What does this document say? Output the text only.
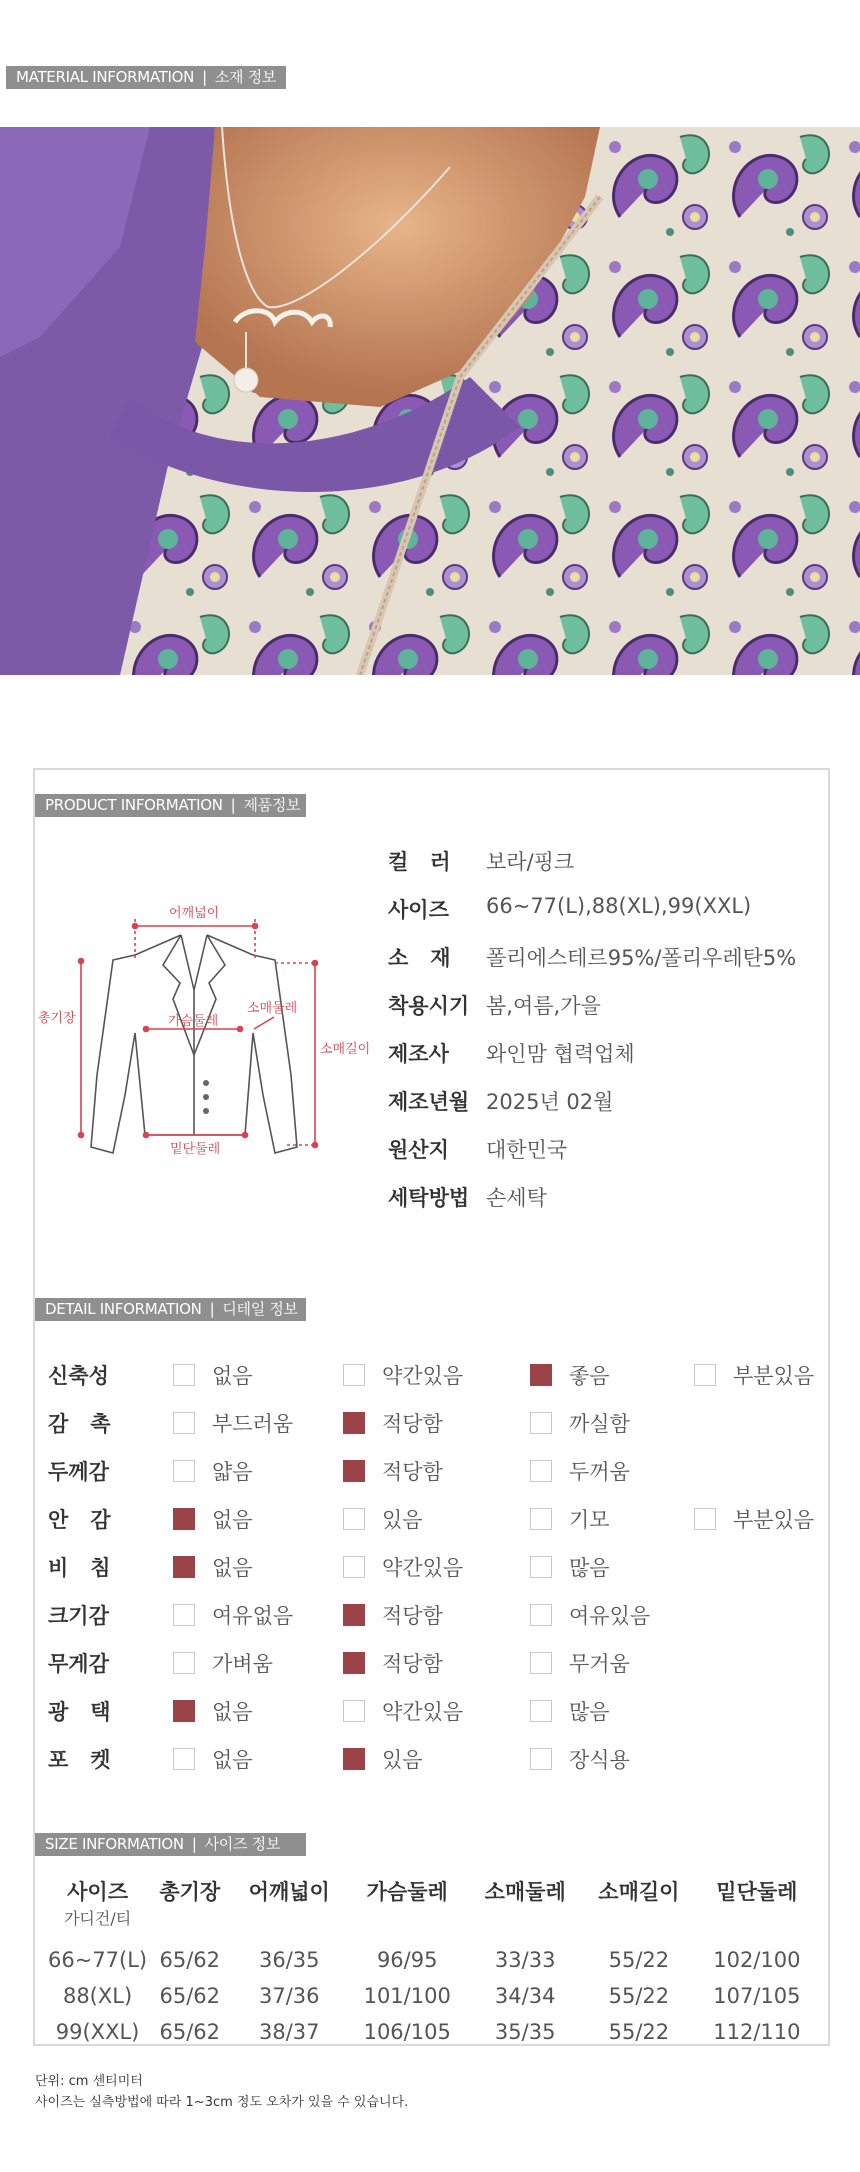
MATERIAL INFORMATION | 소재 정보
PRODUCT INFORMATION | 제품정보
어깨넓이
총기장	가슴둘레
소매둘레
소매길이
밑단둘레
컬   러	보라/핑크
사이즈	66~77(L),88(XL),99(XXL)
소   재	폴리에스테르95%/폴리우레탄5%
착용시기 봄,여름,가을
제조사	와인맘 협력업체
제조년월 2025년 02월
원산지	대한민국
세탁방법 손세탁
DETAIL INFORMATION | 디테일 정보
신축성	없음	약간있음	좋음	부분있음
감   촉	부드러움	적당함	까실함
두께감	얇음	적당함	두꺼움
안   감	없음	있음	기모	부분있음
비   침	없음	약간있음	많음
크기감	여유없음	적당함	여유있음
무게감	가벼움	적당함	무거움
광   택	없음	약간있음	많음
포   켓	없음	있음	장식용
SIZE INFORMATION | 사이즈 정보
사이즈	총기장	어깨넓이	가슴둘레	소매둘레	소매길이	밑단둘레
가디건/티						
66~77(L)	65/62	36/35	96/95	33/33	55/22	102/100
88(XL)	65/62	37/36	101/100	34/34	55/22	107/105
99(XXL)	65/62	38/37	106/105	35/35	55/22	112/110
단위: cm 센티미터
사이즈는 실측방법에 따라 1~3cm 정도 오차가 있을 수 있습니다.
